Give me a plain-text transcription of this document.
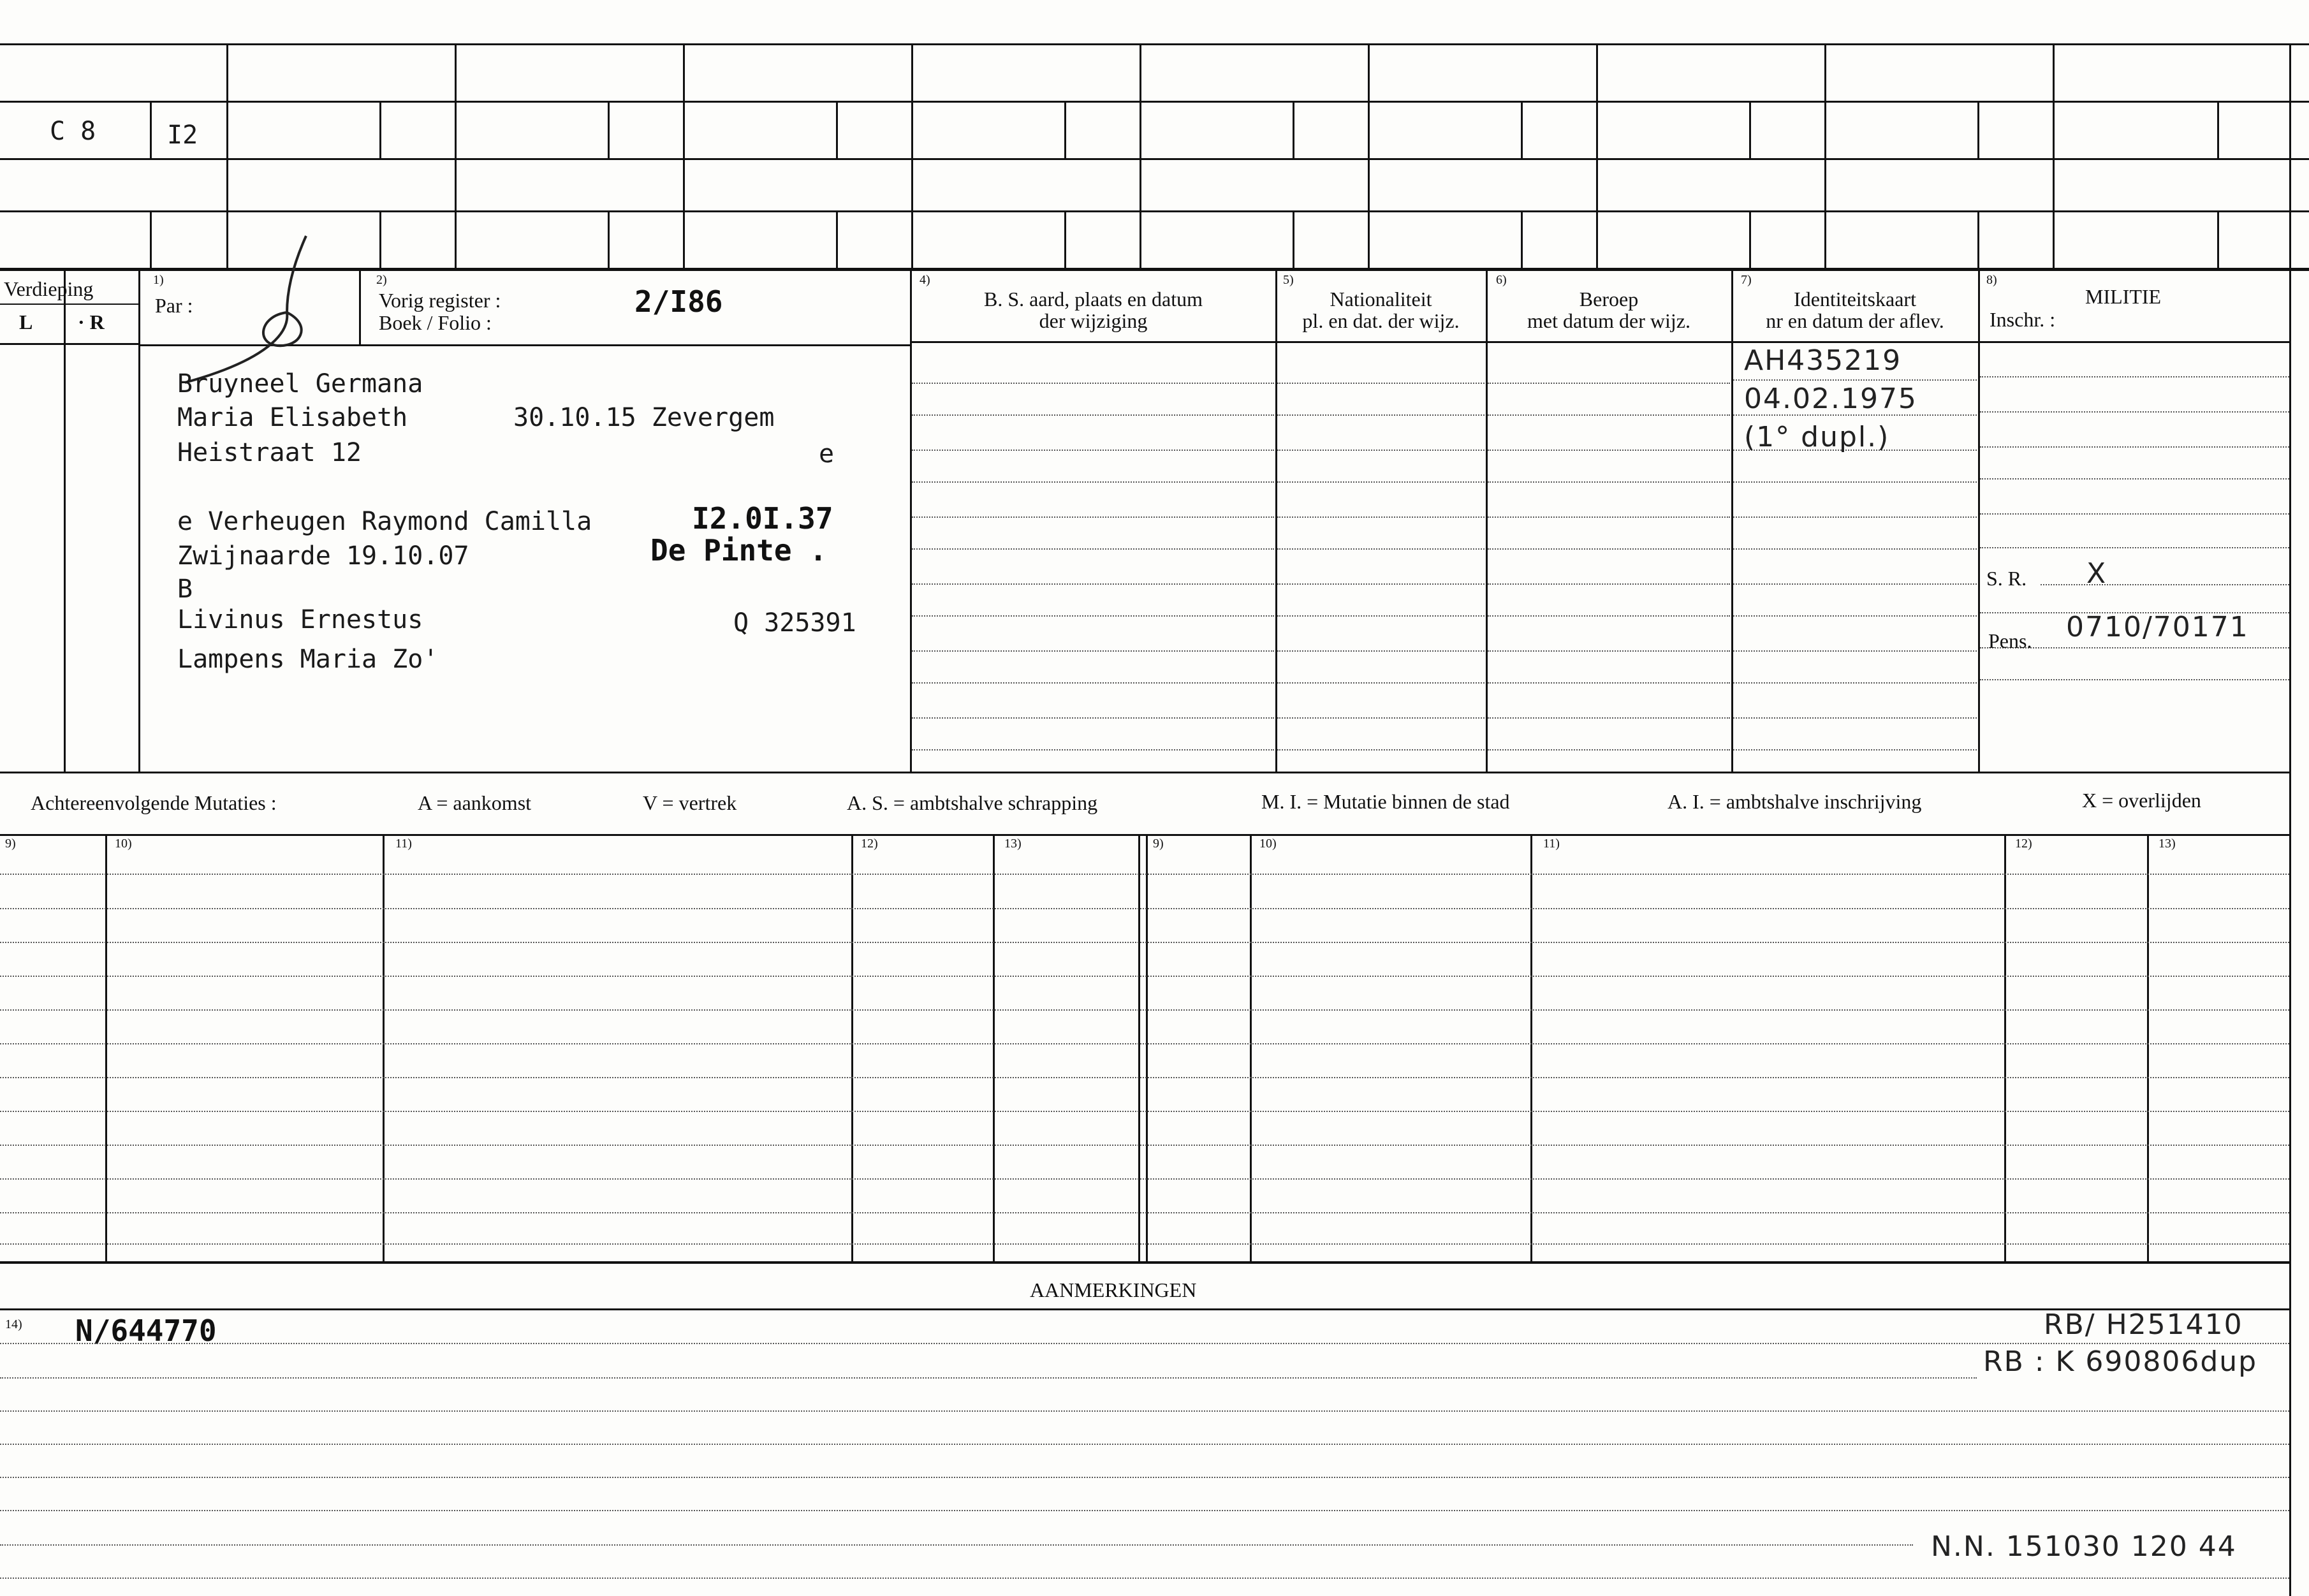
C 8	I2
Verdieping
L · R
1)
Par :
2)
Vorig register :
Boek / Folio :
2/I86
4)
B. S. aard, plaats en datum
der wijziging
5)
Nationaliteit
pl. en dat. der wijz.
6)
Beroep
met datum der wijz.
7)
Identiteitskaart
nr en datum der aflev.
8)
MILITIE
Inschr. :
Bruyneel Germana
Maria Elisabeth	30.10.15 Zevergem
Heistraat 12	e
e Verheugen Raymond Camilla	I2.0I.37
De Pinte .
Zwijnaarde 19.10.07
B
Livinus Ernestus	Q 325391
Lampens Maria Zo'
AH435219
04.02.1975
(1° dupl.)
S. R. X
Pens. 0710/70171
Achtereenvolgende Mutaties :	A = aankomst	V = vertrek	A. S. = ambtshalve schrapping	M. I. = Mutatie binnen de stad	A. I. = ambtshalve inschrijving	X = overlijden
9)	10)	11)	12)	13)	9)	10)	11)	12)	13)
AANMERKINGEN
14) N/644770	RB/ H251410
RB : K 690806dup
N.N. 151030 120 44
